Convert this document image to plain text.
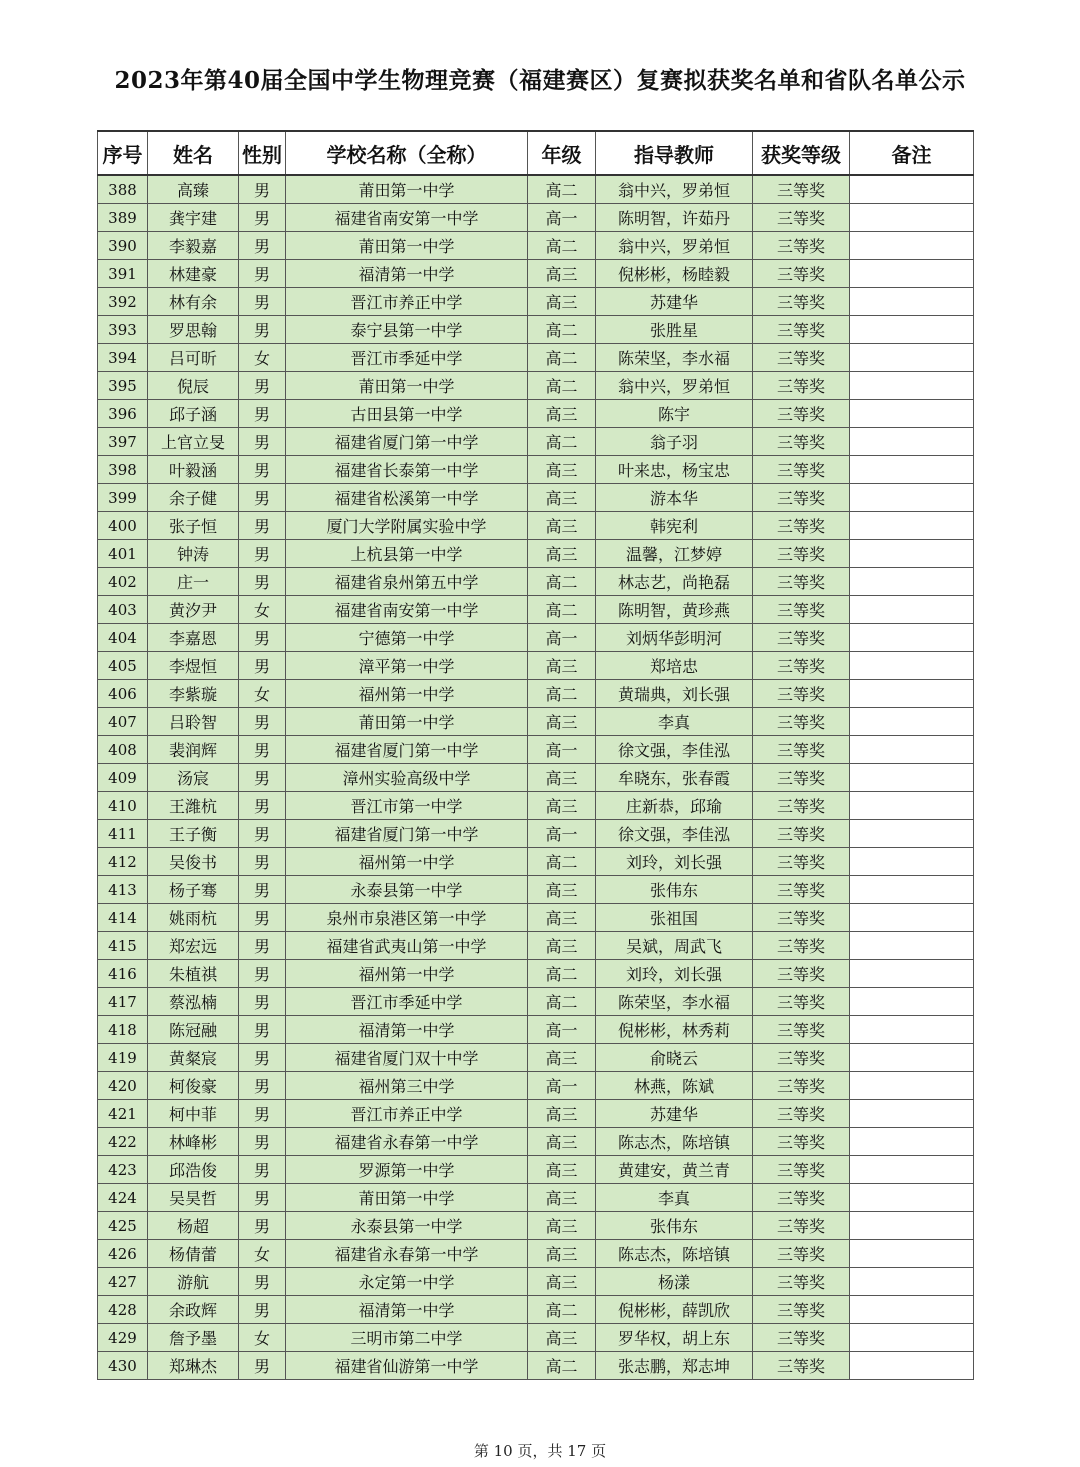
2023年第40届全国中学生物理竞赛（福建赛区）复赛拟获奖名单和省队名单公示
序号	姓名	性别	学校名称（全称）	年级	指导教师	获奖等级	备注
388	高臻	男	莆田第一中学	高二	翁中兴，罗弟恒	三等奖	
389	龚宇建	男	福建省南安第一中学	高一	陈明智，许茹丹	三等奖	
390	李毅嘉	男	莆田第一中学	高二	翁中兴，罗弟恒	三等奖	
391	林建豪	男	福清第一中学	高三	倪彬彬，杨睦毅	三等奖	
392	林有余	男	晋江市养正中学	高三	苏建华	三等奖	
393	罗思翰	男	泰宁县第一中学	高二	张胜星	三等奖	
394	吕可昕	女	晋江市季延中学	高二	陈荣坚，李水福	三等奖	
395	倪辰	男	莆田第一中学	高二	翁中兴，罗弟恒	三等奖	
396	邱子涵	男	古田县第一中学	高三	陈宇	三等奖	
397	上官立旻	男	福建省厦门第一中学	高二	翁子羽	三等奖	
398	叶毅涵	男	福建省长泰第一中学	高三	叶来忠，杨宝忠	三等奖	
399	余子健	男	福建省松溪第一中学	高三	游本华	三等奖	
400	张子恒	男	厦门大学附属实验中学	高三	韩宪利	三等奖	
401	钟涛	男	上杭县第一中学	高三	温馨，江梦婷	三等奖	
402	庄一	男	福建省泉州第五中学	高二	林志艺，尚艳磊	三等奖	
403	黄汐尹	女	福建省南安第一中学	高二	陈明智，黄珍燕	三等奖	
404	李嘉恩	男	宁德第一中学	高一	刘炳华彭明河	三等奖	
405	李煜恒	男	漳平第一中学	高三	郑培忠	三等奖	
406	李紫璇	女	福州第一中学	高二	黄瑞典，刘长强	三等奖	
407	吕聆智	男	莆田第一中学	高三	李真	三等奖	
408	裴润辉	男	福建省厦门第一中学	高一	徐文强，李佳泓	三等奖	
409	汤宸	男	漳州实验高级中学	高三	牟晓东，张春霞	三等奖	
410	王潍杭	男	晋江市第一中学	高三	庄新恭，邱瑜	三等奖	
411	王子衡	男	福建省厦门第一中学	高一	徐文强，李佳泓	三等奖	
412	吴俊书	男	福州第一中学	高二	刘玲，刘长强	三等奖	
413	杨子骞	男	永泰县第一中学	高三	张伟东	三等奖	
414	姚雨杭	男	泉州市泉港区第一中学	高三	张祖国	三等奖	
415	郑宏远	男	福建省武夷山第一中学	高三	吴斌，周武飞	三等奖	
416	朱植祺	男	福州第一中学	高二	刘玲，刘长强	三等奖	
417	蔡泓楠	男	晋江市季延中学	高二	陈荣坚，李水福	三等奖	
418	陈冠融	男	福清第一中学	高一	倪彬彬，林秀莉	三等奖	
419	黄粲宸	男	福建省厦门双十中学	高三	俞晓云	三等奖	
420	柯俊豪	男	福州第三中学	高一	林燕，陈斌	三等奖	
421	柯中菲	男	晋江市养正中学	高三	苏建华	三等奖	
422	林峰彬	男	福建省永春第一中学	高三	陈志杰，陈培镇	三等奖	
423	邱浩俊	男	罗源第一中学	高三	黄建安，黄兰青	三等奖	
424	吴昊哲	男	莆田第一中学	高三	李真	三等奖	
425	杨超	男	永泰县第一中学	高三	张伟东	三等奖	
426	杨倩蕾	女	福建省永春第一中学	高三	陈志杰，陈培镇	三等奖	
427	游航	男	永定第一中学	高三	杨漾	三等奖	
428	余政辉	男	福清第一中学	高二	倪彬彬，薛凯欣	三等奖	
429	詹予墨	女	三明市第二中学	高三	罗华权，胡上东	三等奖	
430	郑琳杰	男	福建省仙游第一中学	高二	张志鹏，郑志坤	三等奖	
第 10 页，共 17 页
